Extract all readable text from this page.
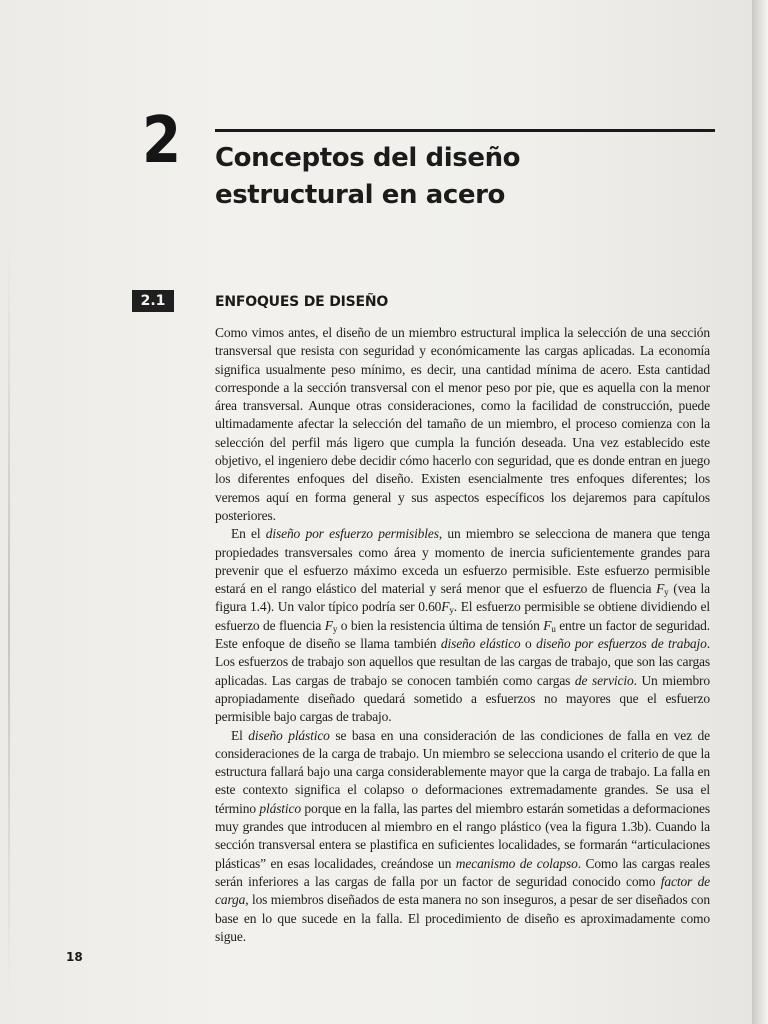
2 Conceptos del diseño
estructural en acero
2.1	ENFOQUES DE DISEÑO

Como vimos antes, el diseño de un miembro estructural implica la selección de una sección transversal que resista con seguridad y económicamente las cargas aplicadas. La economía significa usualmente peso mínimo, es decir, una cantidad mínima de acero. Esta cantidad corresponde a la sección transversal con el menor peso por pie, que es aquella con la menor área transversal. Aunque otras consideraciones, como la facilidad de construcción, puede ultimadamente afectar la selección del tamaño de un miembro, el proceso comienza con la selección del perfil más ligero que cumpla la función deseada. Una vez establecido este objetivo, el ingeniero debe decidir cómo hacerlo con seguridad, que es donde entran en juego los diferentes enfoques del diseño. Existen esencialmente tres enfoques diferentes; los veremos aquí en forma general y sus aspectos específicos los dejaremos para capítulos posteriores.

En el diseño por esfuerzo permisibles, un miembro se selecciona de manera que tenga propiedades transversales como área y momento de inercia suficientemente grandes para prevenir que el esfuerzo máximo exceda un esfuerzo permisible. Este esfuerzo permisible estará en el rango elástico del material y será menor que el esfuerzo de fluencia $F_y$ (vea la figura 1.4). Un valor típico podría ser $0.60F_y$. El esfuerzo permisible se obtiene dividiendo el esfuerzo de fluencia $F_y$ o bien la resistencia última de tensión $F_u$ entre un factor de seguridad. Este enfoque de diseño se llama también diseño elástico o diseño por esfuerzos de trabajo. Los esfuerzos de trabajo son aquellos que resultan de las cargas de trabajo, que son las cargas aplicadas. Las cargas de trabajo se conocen también como cargas de servicio. Un miembro apropiadamente diseñado quedará sometido a esfuerzos no mayores que el esfuerzo permisible bajo cargas de trabajo.

El diseño plástico se basa en una consideración de las condiciones de falla en vez de consideraciones de la carga de trabajo. Un miembro se selecciona usando el criterio de que la estructura fallará bajo una carga considerablemente mayor que la carga de trabajo. La falla en este contexto significa el colapso o deformaciones extremadamente grandes. Se usa el término plástico porque en la falla, las partes del miembro estarán sometidas a deformaciones muy grandes que introducen al miembro en el rango plástico (vea la figura 1.3b). Cuando la sección transversal entera se plastifica en suficientes localidades, se formarán “articulaciones plásticas” en esas localidades, creándose un mecanismo de colapso. Como las cargas reales serán inferiores a las cargas de falla por un factor de seguridad conocido como factor de carga, los miembros diseñados de esta manera no son inseguros, a pesar de ser diseñados con base en lo que sucede en la falla. El procedimiento de diseño es aproximadamente como sigue.

18
